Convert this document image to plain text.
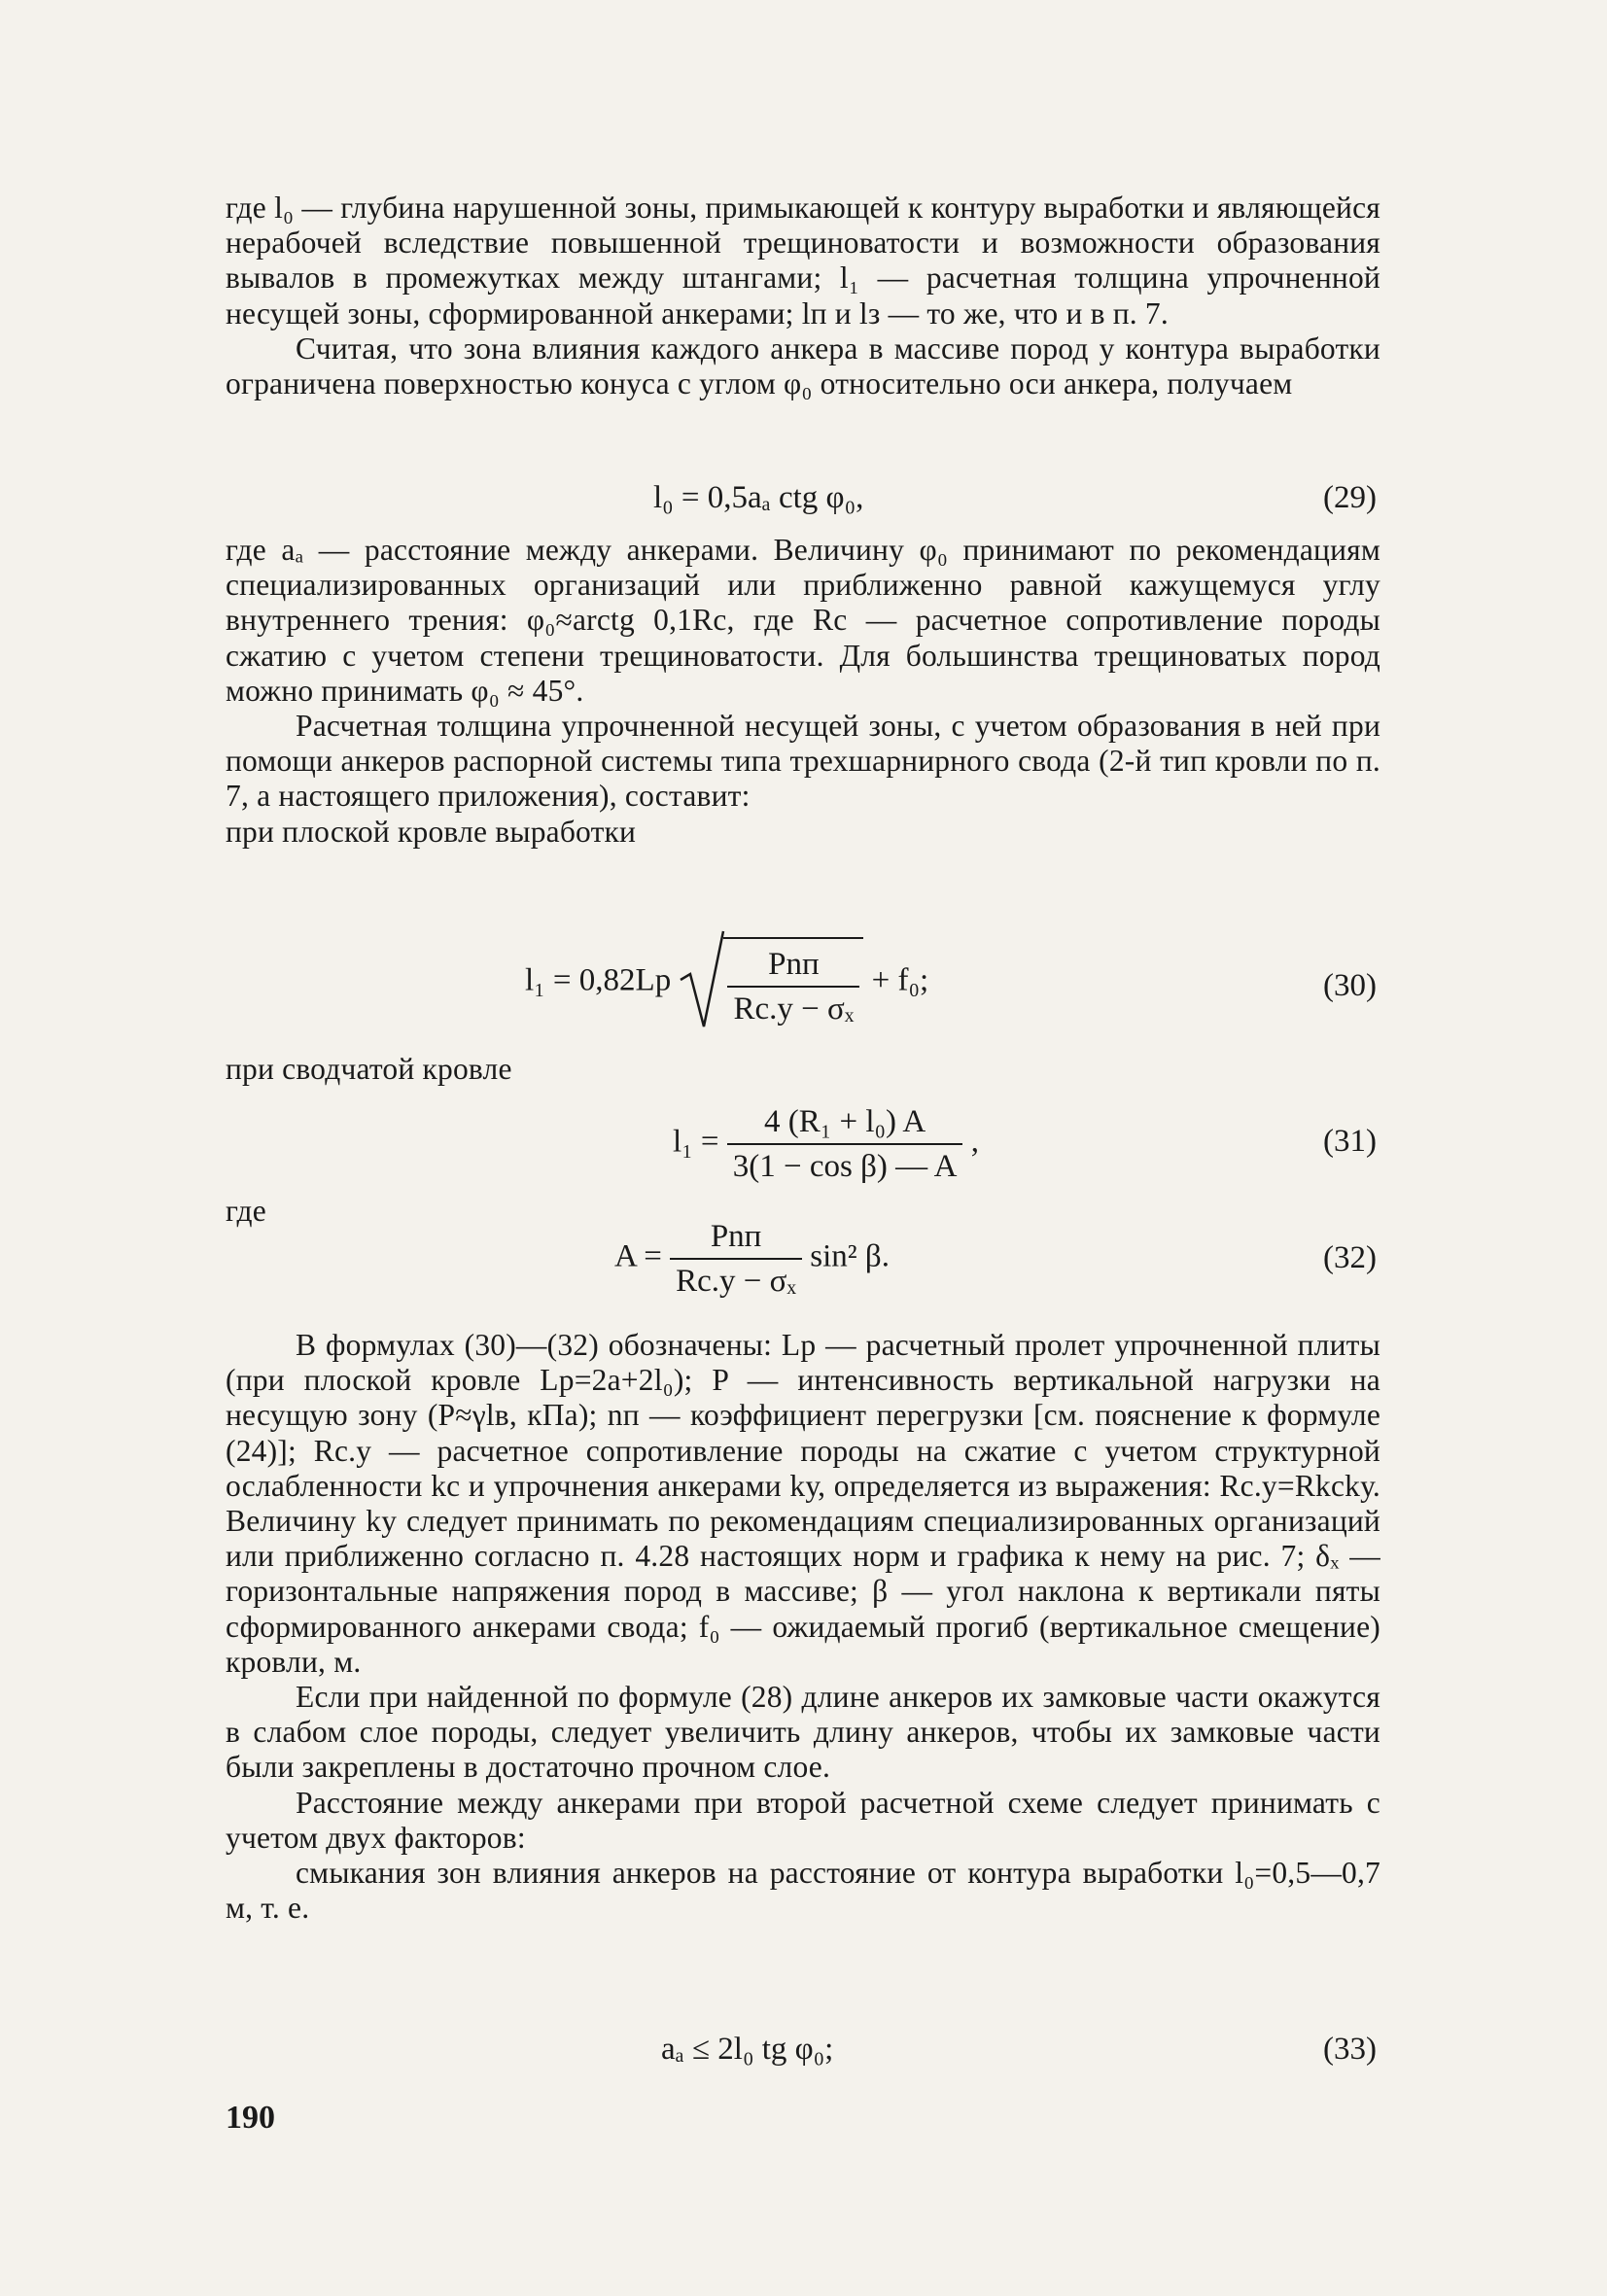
где l₀ — глубина нарушенной зоны, примыкающей к контуру выработки и являющейся нерабочей вследствие повышенной трещиноватости и возможности образования вывалов в промежутках между штангами; l₁ — расчетная толщина упрочненной несущей зоны, сформированной анкерами; lп и lз — то же, что и в п. 7.

Считая, что зона влияния каждого анкера в массиве пород у контура выработки ограничена поверхностью конуса с углом φ₀ относительно оси анкера, получаем

l₀ = 0,5aₐ ctg φ₀,	(29)

где aₐ — расстояние между анкерами. Величину φ₀ принимают по рекомендациям специализированных организаций или приближенно равной кажущемуся углу внутреннего трения: φ₀≈arctg 0,1Rс, где Rс — расчетное сопротивление породы сжатию с учетом степени трещиноватости. Для большинства трещиноватых пород можно принимать φ₀ ≈ 45°.

Расчетная толщина упрочненной несущей зоны, с учетом образования в ней при помощи анкеров распорной системы типа трехшарнирного свода (2-й тип кровли по п. 7, а настоящего приложения), составит:

при плоской кровле выработки

$l_1 = 0,82Lр \frac{\text{Pnп}}{\text{Rс.у − σₓ}} + f_0$;	(30)

при сводчатой кровле

$l_1 = \frac{\text{4 (R₁ + l₀) A}}{\text{3(1 − cos β) — A}}$ ,	(31)

где

$A = \frac{\text{Pnп}}{\text{Rс.у − σₓ}} \sin^2$ β.	(32)

В формулах (30)—(32) обозначены: Lр — расчетный пролет упрочненной плиты (при плоской кровле Lр=2a+2l₀); P — интенсивность вертикальной нагрузки на несущую зону (P≈γlв, кПа); nп — коэффициент перегрузки [см. пояснение к формуле (24)]; Rс.у — расчетное сопротивление породы на сжатие с учетом структурной ослабленности kс и упрочнения анкерами kу, определяется из выражения: Rс.у=Rkсkу. Величину kу следует принимать по рекомендациям специализированных организаций или приближенно согласно п. 4.28 настоящих норм и графика к нему на рис. 7; δₓ — горизонтальные напряжения пород в массиве; β — угол наклона к вертикали пяты сформированного анкерами свода; f₀ — ожидаемый прогиб (вертикальное смещение) кровли, м.

Если при найденной по формуле (28) длине анкеров их замковые части окажутся в слабом слое породы, следует увеличить длину анкеров, чтобы их замковые части были закреплены в достаточно прочном слое.

Расстояние между анкерами при второй расчетной схеме следует принимать с учетом двух факторов:

смыкания зон влияния анкеров на расстояние от контура выработки l₀=0,5—0,7 м, т. е.

aₐ ≤ 2l₀ tg φ₀;	(33)
190
